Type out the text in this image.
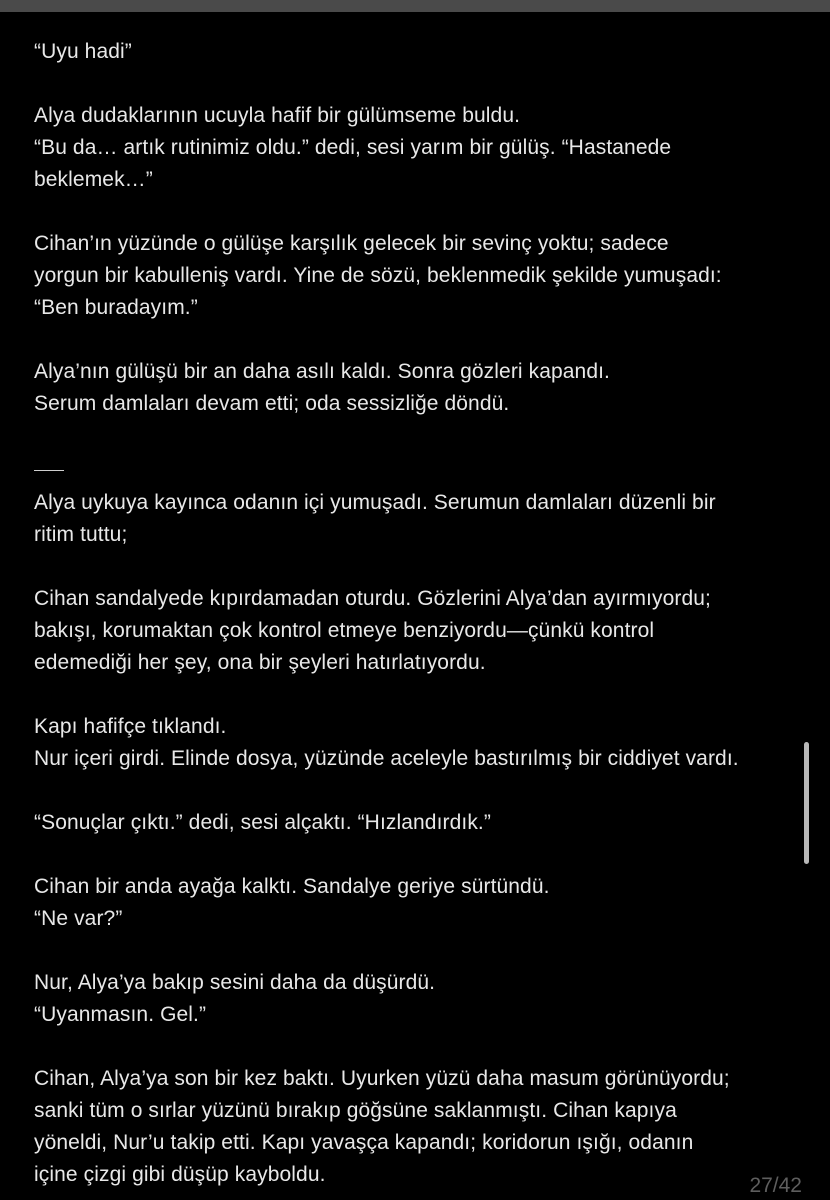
“Uyu hadi”
Alya dudaklarının ucuyla hafif bir gülümseme buldu.
“Bu da… artık rutinimiz oldu.” dedi, sesi yarım bir gülüş. “Hastanede
beklemek…”
Cihan’ın yüzünde o gülüşe karşılık gelecek bir sevinç yoktu; sadece
yorgun bir kabulleniş vardı. Yine de sözü, beklenmedik şekilde yumuşadı:
“Ben buradayım.”
Alya’nın gülüşü bir an daha asılı kaldı. Sonra gözleri kapandı.
Serum damlaları devam etti; oda sessizliğe döndü.
Alya uykuya kayınca odanın içi yumuşadı. Serumun damlaları düzenli bir
ritim tuttu;
Cihan sandalyede kıpırdamadan oturdu. Gözlerini Alya’dan ayırmıyordu;
bakışı, korumaktan çok kontrol etmeye benziyordu—çünkü kontrol
edemediği her şey, ona bir şeyleri hatırlatıyordu.
Kapı hafifçe tıklandı.
Nur içeri girdi. Elinde dosya, yüzünde aceleyle bastırılmış bir ciddiyet vardı.
“Sonuçlar çıktı.” dedi, sesi alçaktı. “Hızlandırdık.”
Cihan bir anda ayağa kalktı. Sandalye geriye sürtündü.
“Ne var?”
Nur, Alya’ya bakıp sesini daha da düşürdü.
“Uyanmasın. Gel.”
Cihan, Alya’ya son bir kez baktı. Uyurken yüzü daha masum görünüyordu;
sanki tüm o sırlar yüzünü bırakıp göğsüne saklanmıştı. Cihan kapıya
yöneldi, Nur’u takip etti. Kapı yavaşça kapandı; koridorun ışığı, odanın
içine çizgi gibi düşüp kayboldu.	27/42
